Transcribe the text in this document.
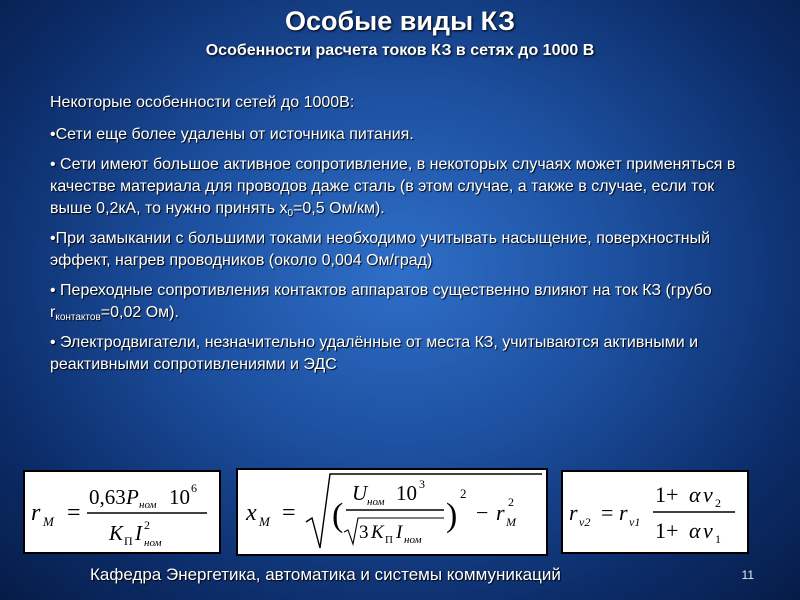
Особые виды КЗ
Особенности расчета токов КЗ в сетях до 1000 В

Некоторые особенности сетей до 1000В:

•Сети еще более удалены от источника питания.

• Сети имеют большое активное сопротивление, в некоторых случаях может применяться в качестве материала для проводов даже сталь (в этом случае, а также в случае, если ток выше 0,2кА, то нужно принять $x_0=0,5$ Ом/км).

•При замыкании с большими токами необходимо учитывать насыщение, поверхностный эффект, нагрев проводников (около 0,004 Ом/град)

• Переходные сопротивления контактов аппаратов существенно влияют на ток КЗ (грубо $r_{контактов}=0,02$ Ом).

• Электродвигатели, незначительно удалённые от места КЗ, учитываются активными и реактивными сопротивлениями и ЭДС

r M =
0,63 P ном 10 6
K П I ном
2	x M = (
U ном 10 3
3 K П I ном
)
2
− r M
2	r ν2 = r ν1
1+ α ν 2
1+ α ν 1
Кафедра Энергетика, автоматика и системы коммуникаций	11
